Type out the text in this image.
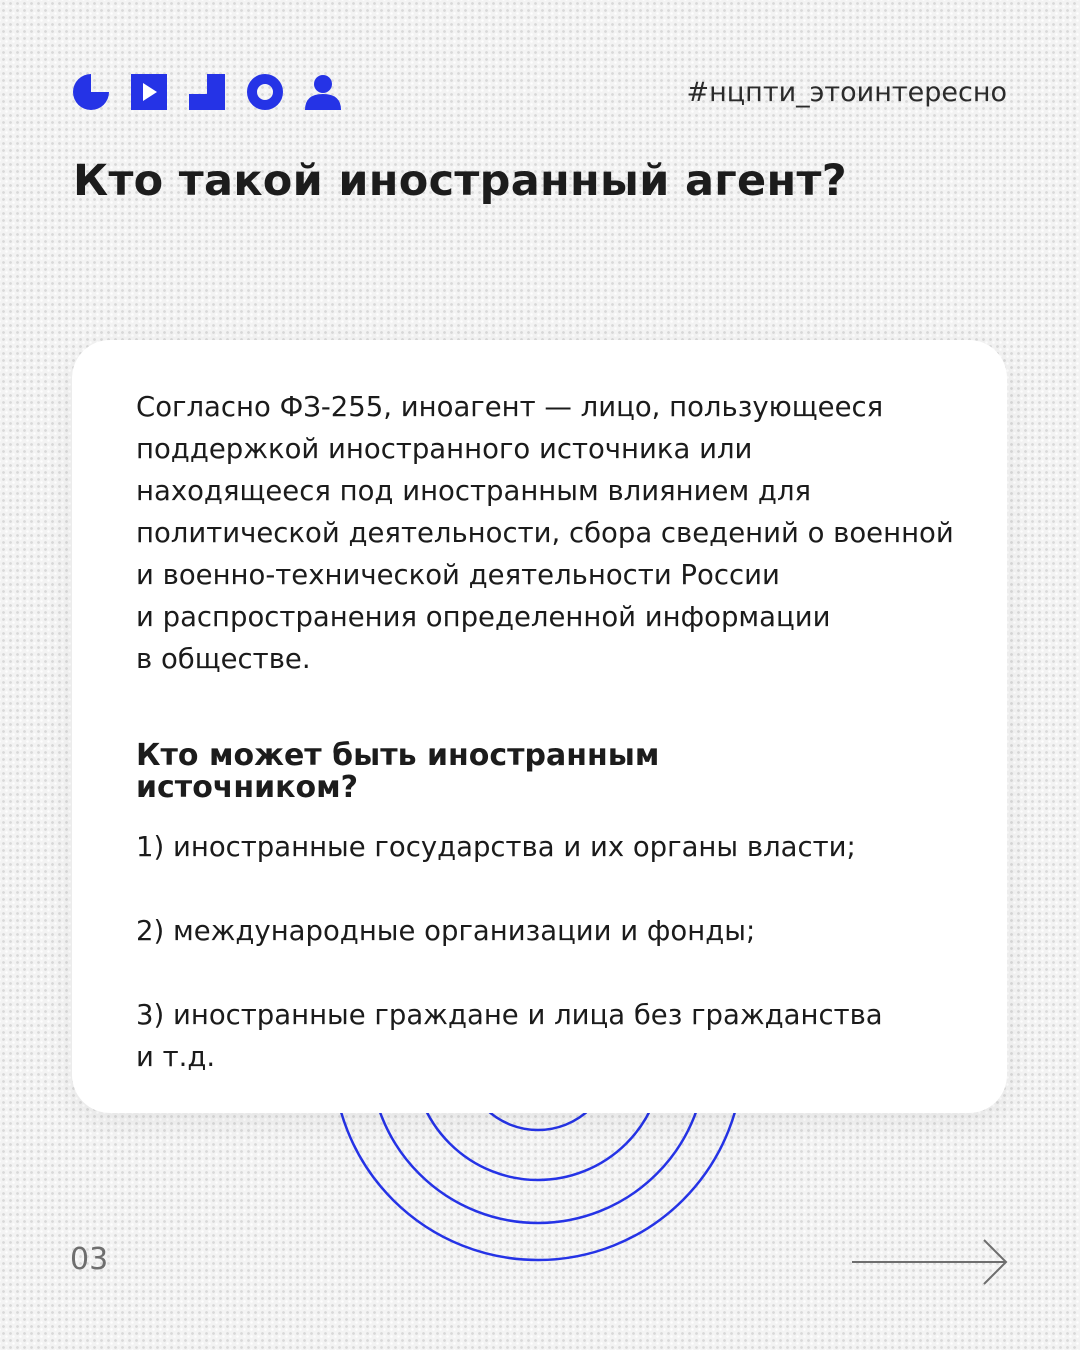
#нцпти_этоинтересно
Кто такой иностранный агент?

Согласно ФЗ-255, иноагент — лицо, пользующееся
поддержкой иностранного источника или
находящееся под иностранным влиянием для
политической деятельности, сбора сведений о военной
и военно-технической деятельности России
и распространения определенной информации
в обществе.

Кто может быть иностранным
источником?
1) иностранные государства и их органы власти;
2) международные организации и фонды;
3) иностранные граждане и лица без гражданства
и т.д.
03
